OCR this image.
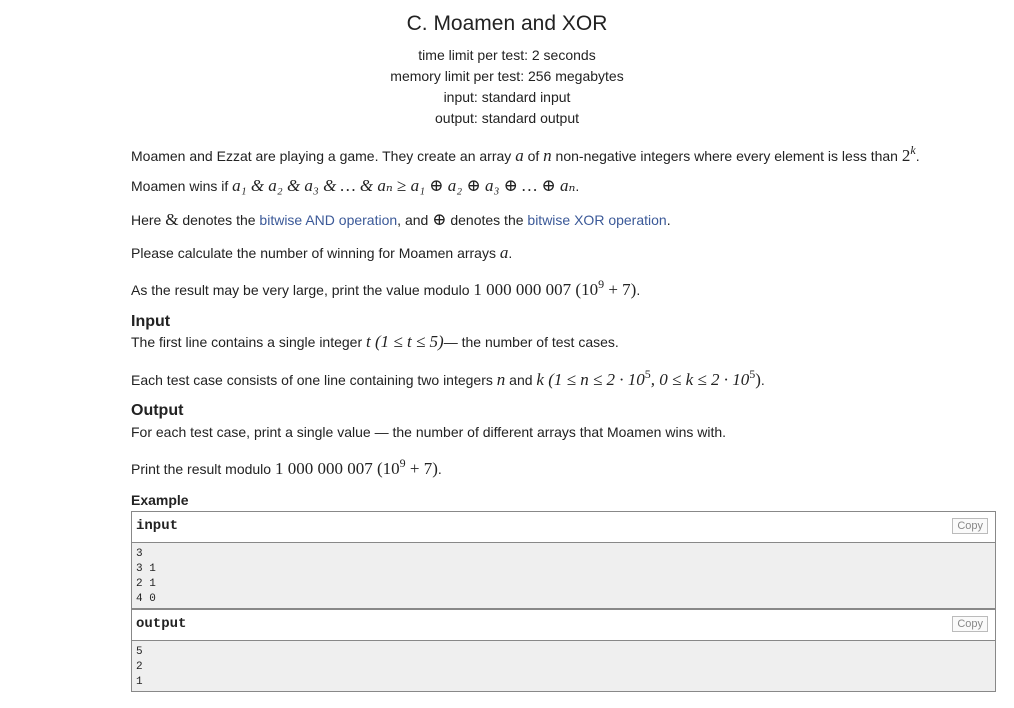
C. Moamen and XOR
time limit per test: 2 seconds
memory limit per test: 256 megabytes
input: standard input
output: standard output
Moamen and Ezzat are playing a game. They create an array a of n non-negative integers where every element is less than 2k.
Moamen wins if a₁ & a₂ & a₃ & … & aₙ ≥ a₁ ⊕ a₂ ⊕ a₃ ⊕ … ⊕ aₙ.
Here & denotes the bitwise AND operation, and ⊕ denotes the bitwise XOR operation.
Please calculate the number of winning for Moamen arrays a.
As the result may be very large, print the value modulo 1 000 000 007 (109 + 7).
Input
The first line contains a single integer t (1 ≤ t ≤ 5)— the number of test cases.
Each test case consists of one line containing two integers n and k (1 ≤ n ≤ 2 · 105, 0 ≤ k ≤ 2 · 105).
Output
For each test case, print a single value — the number of different arrays that Moamen wins with.
Print the result modulo 1 000 000 007 (109 + 7).
Example
input	Copy
3
3 1
2 1
4 0
output	Copy
5
2
1
